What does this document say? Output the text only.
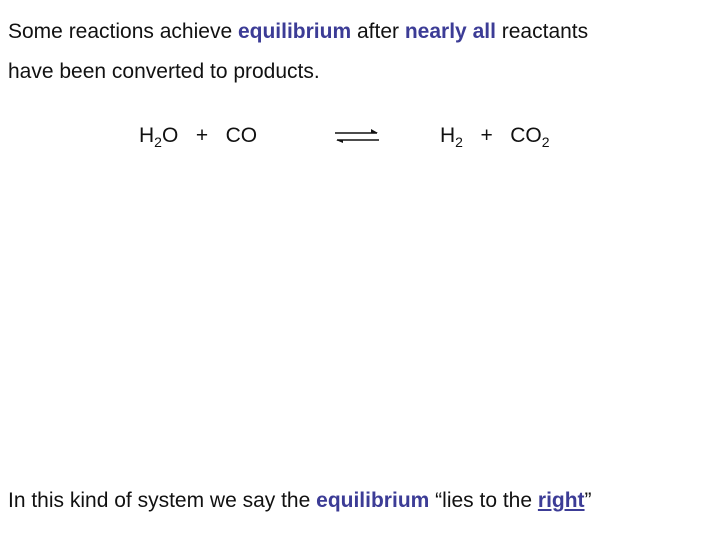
Some reactions achieve equilibrium after nearly all reactants
have been converted to products.
$H_2O$ + CO	$H_2 + CO_2$
In this kind of system we say the equilibrium “lies to the right”
